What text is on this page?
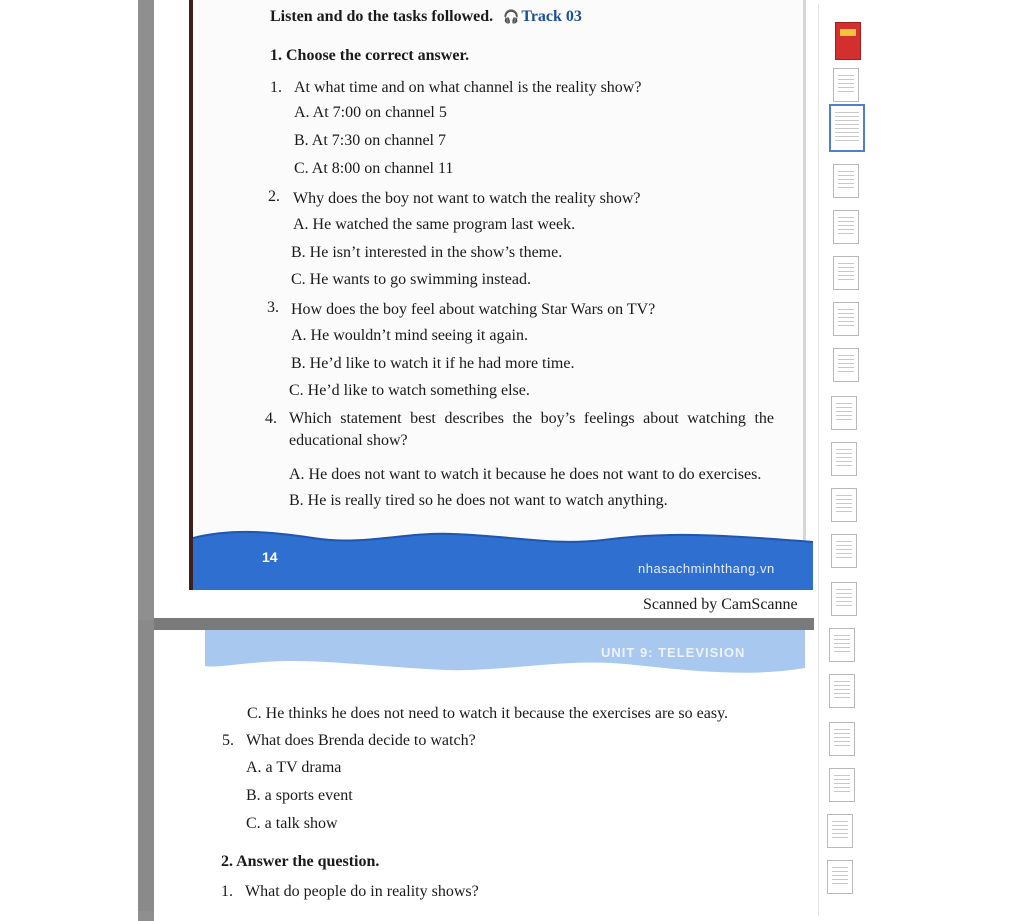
Listen and do the tasks followed. 🎧 Track 03
1. Choose the correct answer.
1. At what time and on what channel is the reality show?
A. At 7:00 on channel 5
B. At 7:30 on channel 7
C. At 8:00 on channel 11
2. Why does the boy not want to watch the reality show?
A. He watched the same program last week.
B. He isn’t interested in the show’s theme.
C. He wants to go swimming instead.
3. How does the boy feel about watching Star Wars on TV?
A. He wouldn’t mind seeing it again.
B. He’d like to watch it if he had more time.
C. He’d like to watch something else.
4. Which statement best describes the boy’s feelings about watching the
educational show?
A. He does not want to watch it because he does not want to do exercises.
B. He is really tired so he does not want to watch anything.
14
nhasachminhthang.vn
Scanned by CamScanne
UNIT 9: TELEVISION
C. He thinks he does not need to watch it because the exercises are so easy.
5. What does Brenda decide to watch?
A. a TV drama
B. a sports event
C. a talk show
2. Answer the question.
1. What do people do in reality shows?
